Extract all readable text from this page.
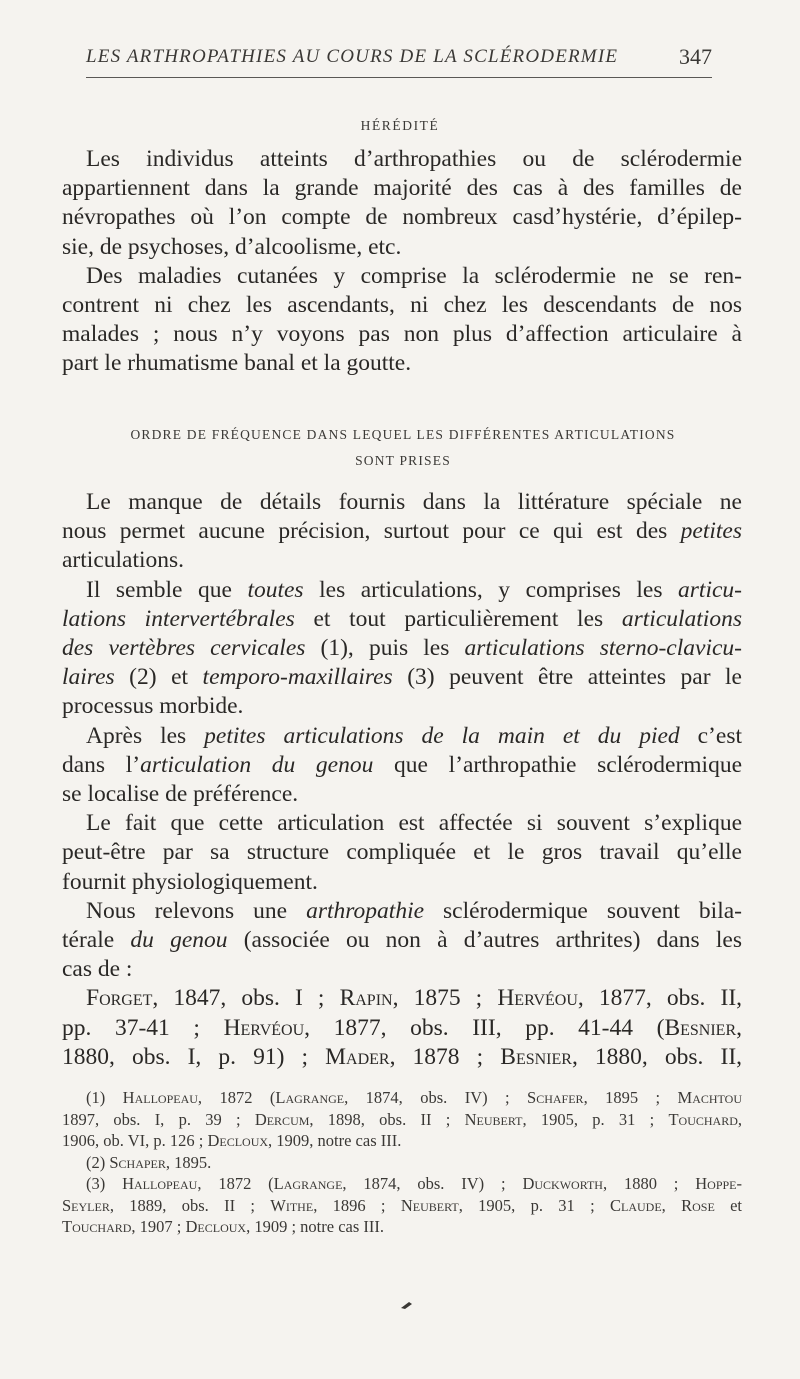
LES ARTHROPATHIES AU COURS DE LA SCLÉRODERMIE	347
HÉRÉDITÉ

Les individus atteints d’arthropathies ou de sclérodermie
appartiennent dans la grande majorité des cas à des familles de
névropathes où l’on compte de nombreux casd’hystérie, d’épilep-
sie, de psychoses, d’alcoolisme, etc.

Des maladies cutanées y comprise la sclérodermie ne se ren-
contrent ni chez les ascendants, ni chez les descendants de nos
malades ; nous n’y voyons pas non plus d’affection articulaire à
part le rhumatisme banal et la goutte.

ORDRE DE FRÉQUENCE DANS LEQUEL LES DIFFÉRENTES ARTICULATIONS
SONT PRISES
Le manque de détails fournis dans la littérature spéciale ne
nous permet aucune précision, surtout pour ce qui est des petites
articulations.
Il semble que toutes les articulations, y comprises les articu-
lations intervertébrales et tout particulièrement les articulations
des vertèbres cervicales (1), puis les articulations sterno-clavicu-
laires (2) et temporo-maxillaires (3) peuvent être atteintes par le
processus morbide.
Après les petites articulations de la main et du pied c’est
dans l’articulation du genou que l’arthropathie sclérodermique
se localise de préférence.
Le fait que cette articulation est affectée si souvent s’explique
peut-être par sa structure compliquée et le gros travail qu’elle
fournit physiologiquement.
Nous relevons une arthropathie sclérodermique souvent bila-
térale du genou (associée ou non à d’autres arthrites) dans les
cas de :
Forget, 1847, obs. I ; Rapin, 1875 ; Hervéou, 1877, obs. II,
pp. 37-41 ; Hervéou, 1877, obs. III, pp. 41-44 (Besnier,
1880, obs. I, p. 91) ; Mader, 1878 ; Besnier, 1880, obs. II,
(1) Hallopeau, 1872 (Lagrange, 1874, obs. IV) ; Schafer, 1895 ; Machtou
1897, obs. I, p. 39 ; Dercum, 1898, obs. II ; Neubert, 1905, p. 31 ; Touchard,
1906, ob. VI, p. 126 ; Decloux, 1909, notre cas III.
(2) Schaper, 1895.
(3) Hallopeau, 1872 (Lagrange, 1874, obs. IV) ; Duckworth, 1880 ; Hoppe-
Seyler, 1889, obs. II ; Withe, 1896 ; Neubert, 1905, p. 31 ; Claude, Rose et
Touchard, 1907 ; Decloux, 1909 ; notre cas III.
